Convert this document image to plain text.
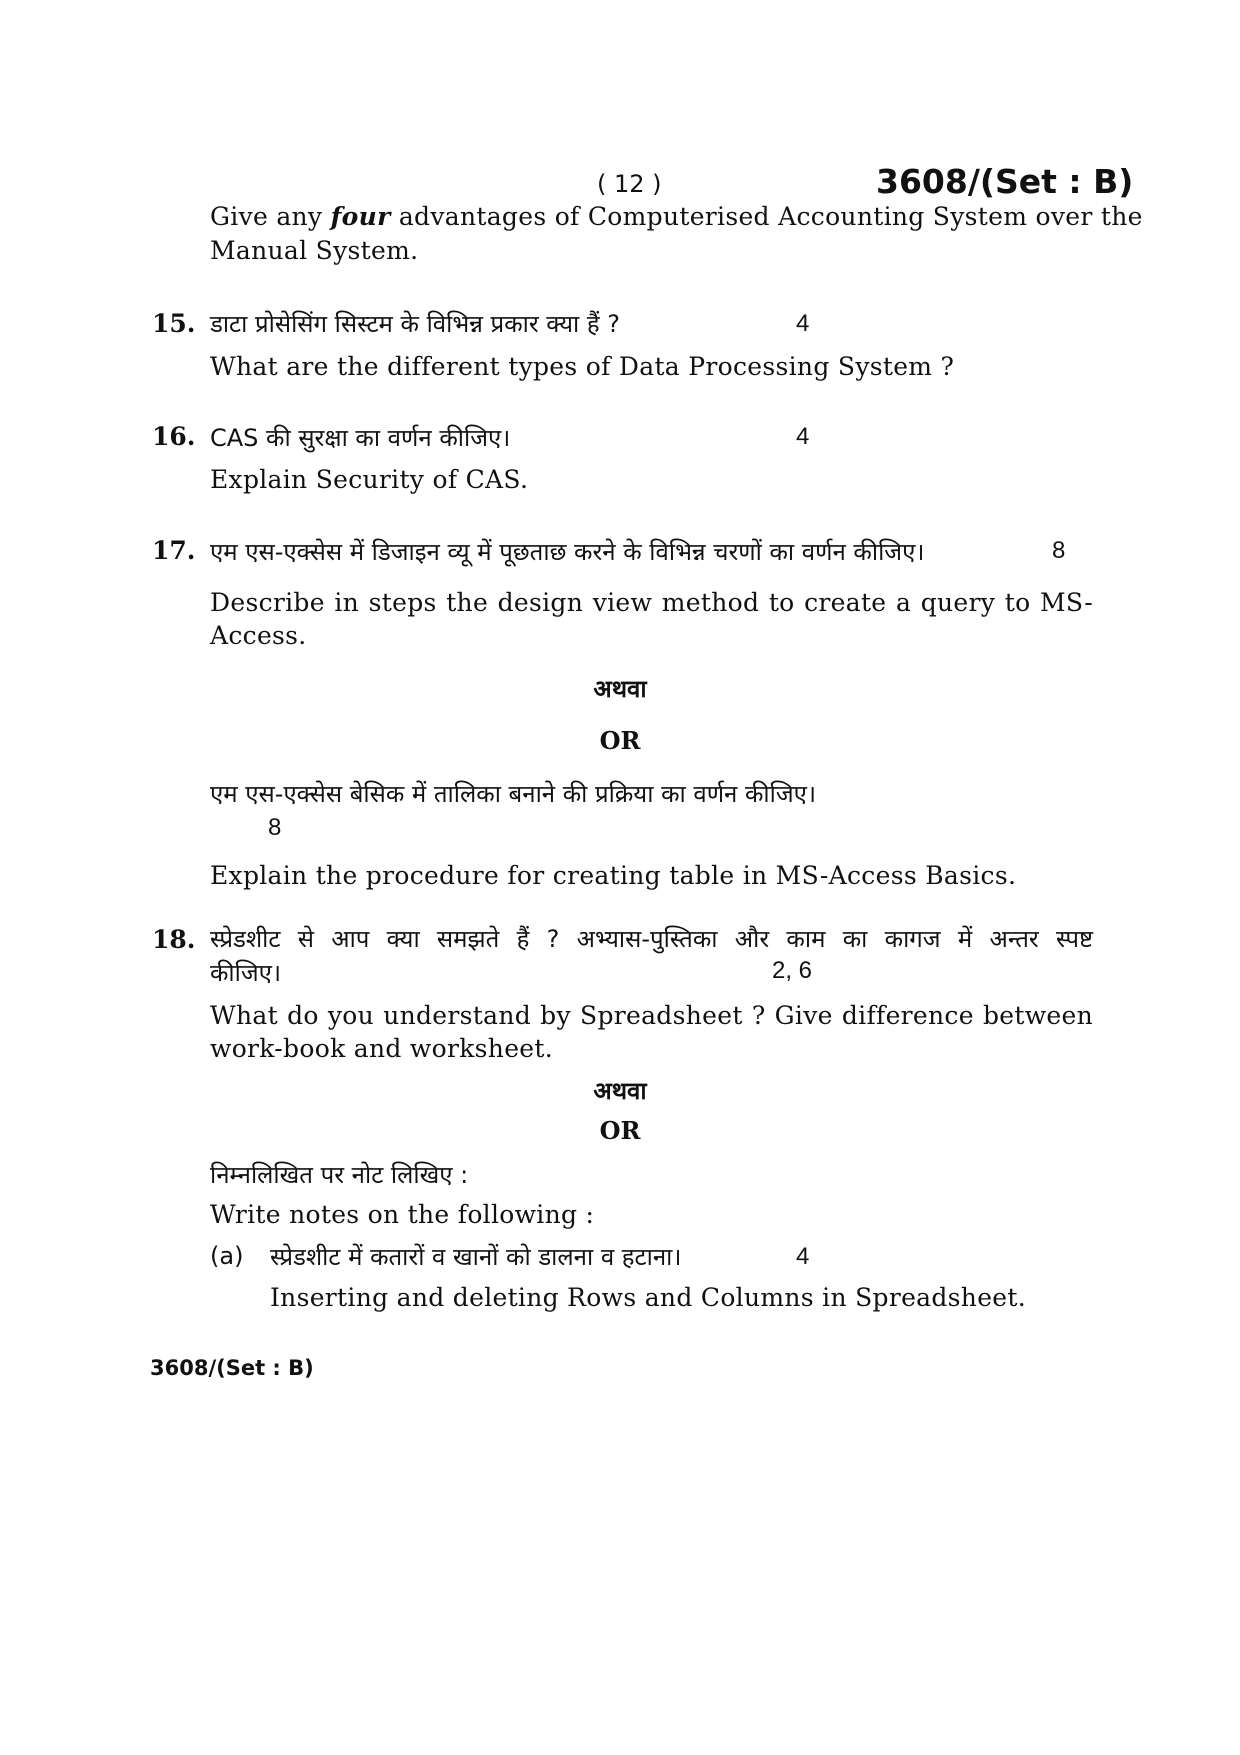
( 12 )	3608/(Set : B)
Give any four advantages of Computerised Accounting System over the
Manual System.
15. डाटा प्रोसेसिंग सिस्टम के विभिन्न प्रकार क्या हैं ?	4
What are the different types of Data Processing System ?
16. CAS की सुरक्षा का वर्णन कीजिए।	4
Explain Security of CAS.
17. एम एस-एक्सेस में डिजाइन व्यू में पूछताछ करने के विभिन्न चरणों का वर्णन कीजिए।	8
Describe in steps the design view method to create a query to MS-
Access.
अथवा
OR
एम एस-एक्सेस बेसिक में तालिका बनाने की प्रक्रिया का वर्णन कीजिए।
8
Explain the procedure for creating table in MS-Access Basics.
18. स्प्रेडशीट से आप क्या समझते हैं ? अभ्यास-पुस्तिका और काम का कागज में अन्तर स्पष्ट
कीजिए।	2, 6
What do you understand by Spreadsheet ? Give difference between
work-book and worksheet.
अथवा
OR
निम्नलिखित पर नोट लिखिए :
Write notes on the following :
(a) स्प्रेडशीट में कतारों व खानों को डालना व हटाना।	4
Inserting and deleting Rows and Columns in Spreadsheet.
3608/(Set : B)
